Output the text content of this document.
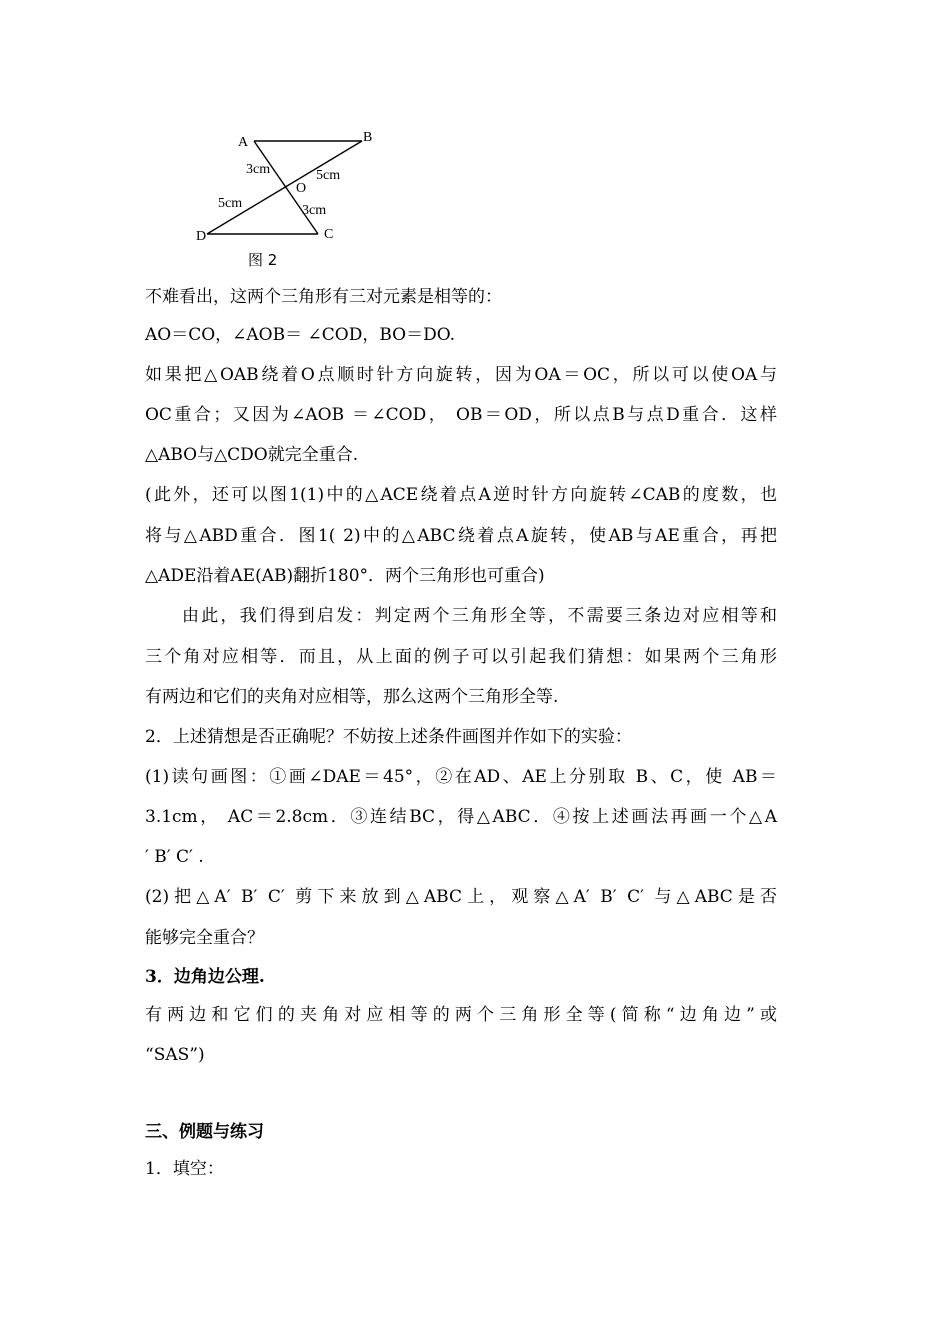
A	B
C
D
O
3cm	5cm
5cm	3cm
图 2
不难看出，这两个三角形有三对元素是相等的：
AO＝CO，∠AOB＝ ∠COD，BO＝DO.
如果把△OAB绕着O点顺时针方向旋转，因为OA＝OC，所以可以使OA与
OC重合；又因为∠AOB ＝∠COD， OB＝OD，所以点B与点D重合．这样
△ABO与△CDO就完全重合.
(此外，还可以图1(1)中的△ACE绕着点A逆时针方向旋转∠CAB的度数，也
将与△ABD重合．图1( 2)中的△ABC绕着点A旋转，使AB与AE重合，再把
△ADE沿着AE(AB)翻折180°．两个三角形也可重合)
由此，我们得到启发：判定两个三角形全等，不需要三条边对应相等和
三个角对应相等．而且，从上面的例子可以引起我们猜想：如果两个三角形
有两边和它们的夹角对应相等，那么这两个三角形全等.
2．上述猜想是否正确呢？不妨按上述条件画图并作如下的实验：
(1)读句画图：①画∠DAE＝45°，②在AD、AE上分别取 B、C，使 AB＝
3.1cm， AC＝2.8cm．③连结BC，得△ABC．④按上述画法再画一个△A
′ B′ C′ .
(2)把△A′ B′ C′ 剪下来放到△ABC上，观察△A′ B′ C′ 与△ABC是否
能够完全重合？
3．边角边公理.
有两边和它们的夹角对应相等的两个三角形全等(简称“边角边”或
“SAS”)
三、例题与练习
1．填空：
